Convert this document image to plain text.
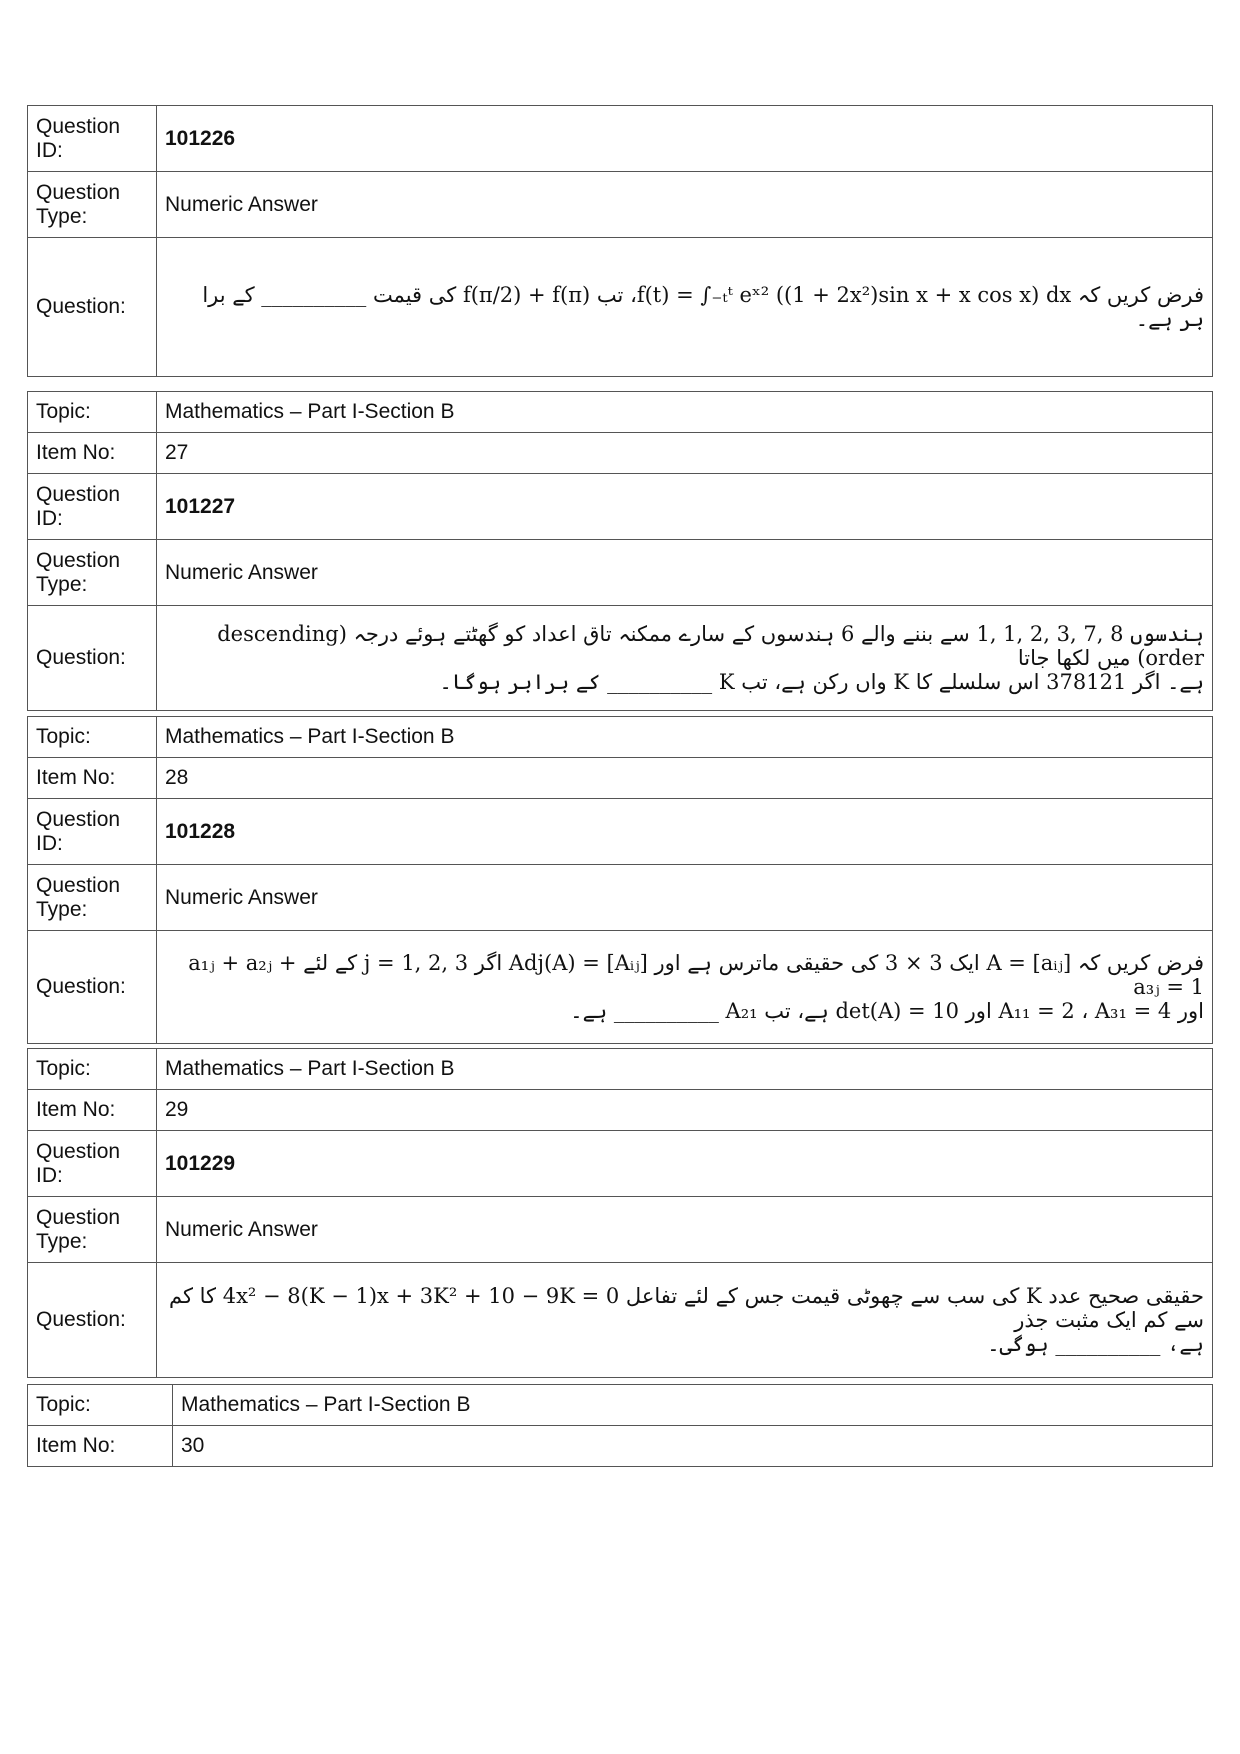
Question ID:	101226
Question Type:	Numeric Answer
Question:	فرض کریں کہ f(t) = ∫₋ₜᵗ eˣ² ((1 + 2x²)sin x + x cos x) dx، تب f(π/2) + f(π) کی قیمت __________ کے برا
بر ہے۔
Topic:	Mathematics – Part I-Section B
Item No:	27
Question ID:	101227
Question Type:	Numeric Answer
Question:	ہندسوں 8 ,7 ,3 ,2 ,1 ,1 سے بننے والے 6 ہندسوں کے سارے ممکنہ تاق اعداد کو گھٹتے ہوئے درجہ (descending order) میں لکھا جاتا
ہے۔ اگر 378121 اس سلسلے کا K واں رکن ہے، تب K __________ کے برابر ہوگا۔
Topic:	Mathematics – Part I-Section B
Item No:	28
Question ID:	101228
Question Type:	Numeric Answer
Question:	فرض کریں کہ A = [aᵢⱼ] ایک 3 × 3 کی حقیقی ماترس ہے اور Adj(A) = [Aᵢⱼ] اگر j = 1, 2, 3 کے لئے a₁ⱼ + a₂ⱼ + a₃ⱼ = 1
اور A₁₁ = 2 ، A₃₁ = 4 اور det(A) = 10 ہے، تب A₂₁ __________ ہے۔
Topic:	Mathematics – Part I-Section B
Item No:	29
Question ID:	101229
Question Type:	Numeric Answer
Question:	حقیقی صحیح عدد K کی سب سے چھوٹی قیمت جس کے لئے تفاعل 4x² − 8(K − 1)x + 3K² + 10 − 9K = 0 کا کم سے کم ایک مثبت جذر
ہے، __________ ہوگی۔
Topic:	Mathematics – Part I-Section B
Item No:	30
